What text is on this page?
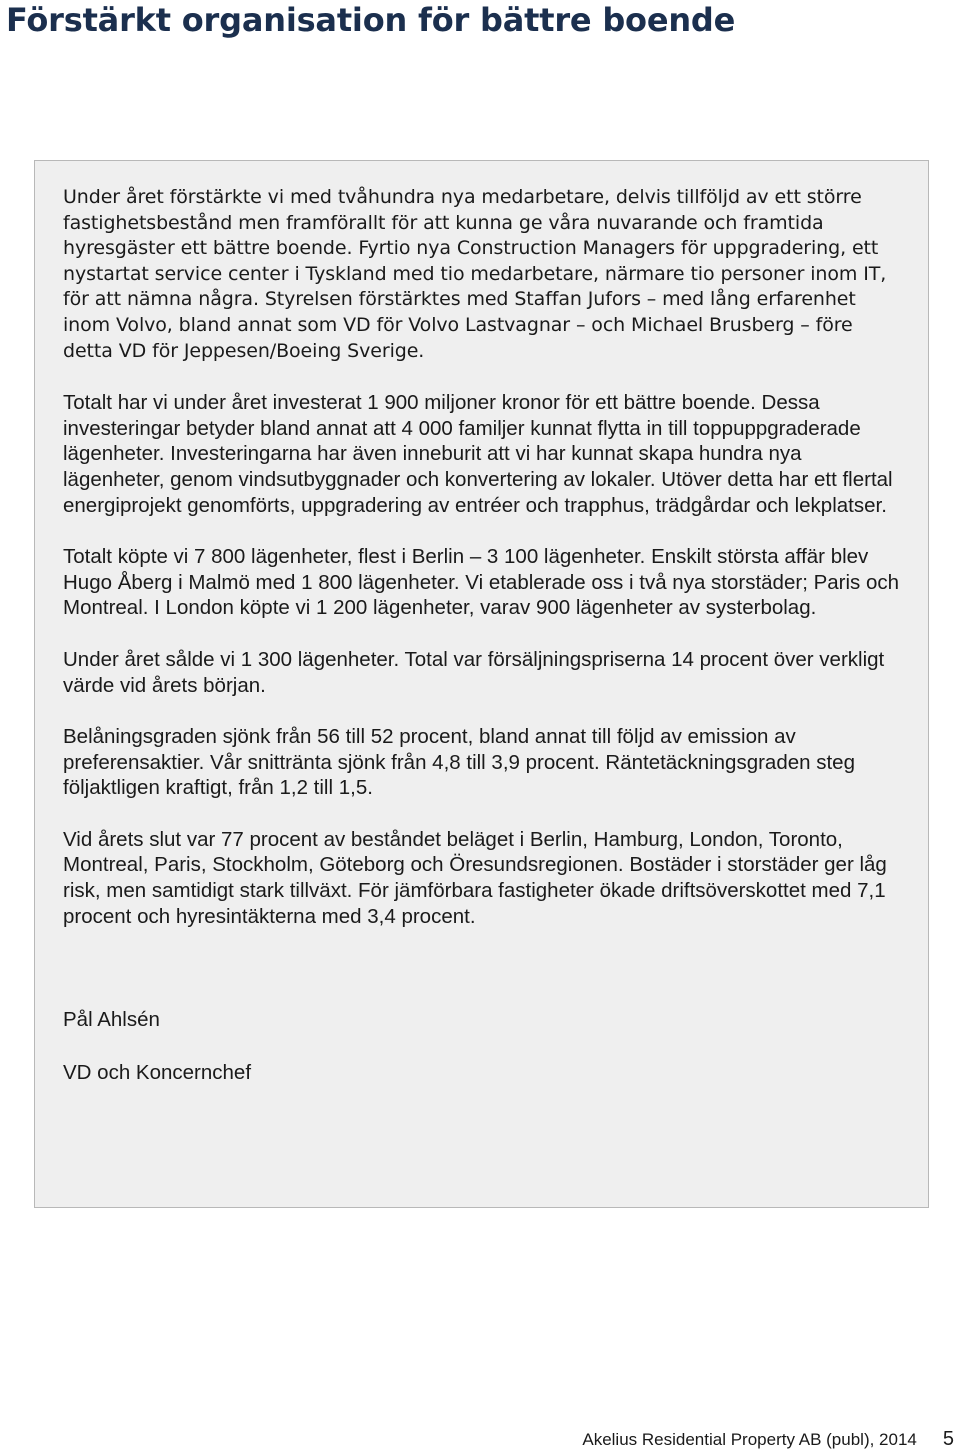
Förstärkt organisation för bättre boende

Under året förstärkte vi med tvåhundra nya medarbetare, delvis tillföljd av ett större fastighetsbestånd men framförallt för att kunna ge våra nuvarande och framtida hyresgäster ett bättre boende. Fyrtio nya Construction Managers för uppgradering, ett nystartat service center i Tyskland med tio medarbetare, närmare tio personer inom IT, för att nämna några. Styrelsen förstärktes med Staffan Jufors – med lång erfarenhet inom Volvo, bland annat som VD för Volvo Lastvagnar – och Michael Brusberg – före detta VD för Jeppesen/Boeing Sverige.

Totalt har vi under året investerat 1 900 miljoner kronor för ett bättre boende. Dessa investeringar betyder bland annat att 4 000 familjer kunnat flytta in till toppuppgraderade lägenheter. Investeringarna har även inneburit att vi har kunnat skapa hundra nya lägenheter, genom vindsutbyggnader och konvertering av lokaler. Utöver detta har ett flertal energiprojekt genomförts, uppgradering av entréer och trapphus, trädgårdar och lekplatser.

Totalt köpte vi 7 800 lägenheter, flest i Berlin – 3 100 lägenheter. Enskilt största affär blev Hugo Åberg i Malmö med 1 800 lägenheter. Vi etablerade oss i två nya storstäder; Paris och Montreal. I London köpte vi 1 200 lägenheter, varav 900 lägenheter av systerbolag.

Under året sålde vi 1 300 lägenheter. Total var försäljningspriserna 14 procent över verkligt värde vid årets början.

Belåningsgraden sjönk från 56 till 52 procent, bland annat till följd av emission av preferensaktier. Vår snittränta sjönk från 4,8 till 3,9 procent. Räntetäckningsgraden steg följaktligen kraftigt, från 1,2 till 1,5.

Vid årets slut var 77 procent av beståndet beläget i Berlin, Hamburg, London, Toronto, Montreal, Paris, Stockholm, Göteborg och Öresundsregionen. Bostäder i storstäder ger låg risk, men samtidigt stark tillväxt. För jämförbara fastigheter ökade driftsöverskottet med 7,1 procent och hyresintäkterna med 3,4 procent.

Pål Ahlsén

VD och Koncernchef

Akelius Residential Property AB (publ), 2014 5
